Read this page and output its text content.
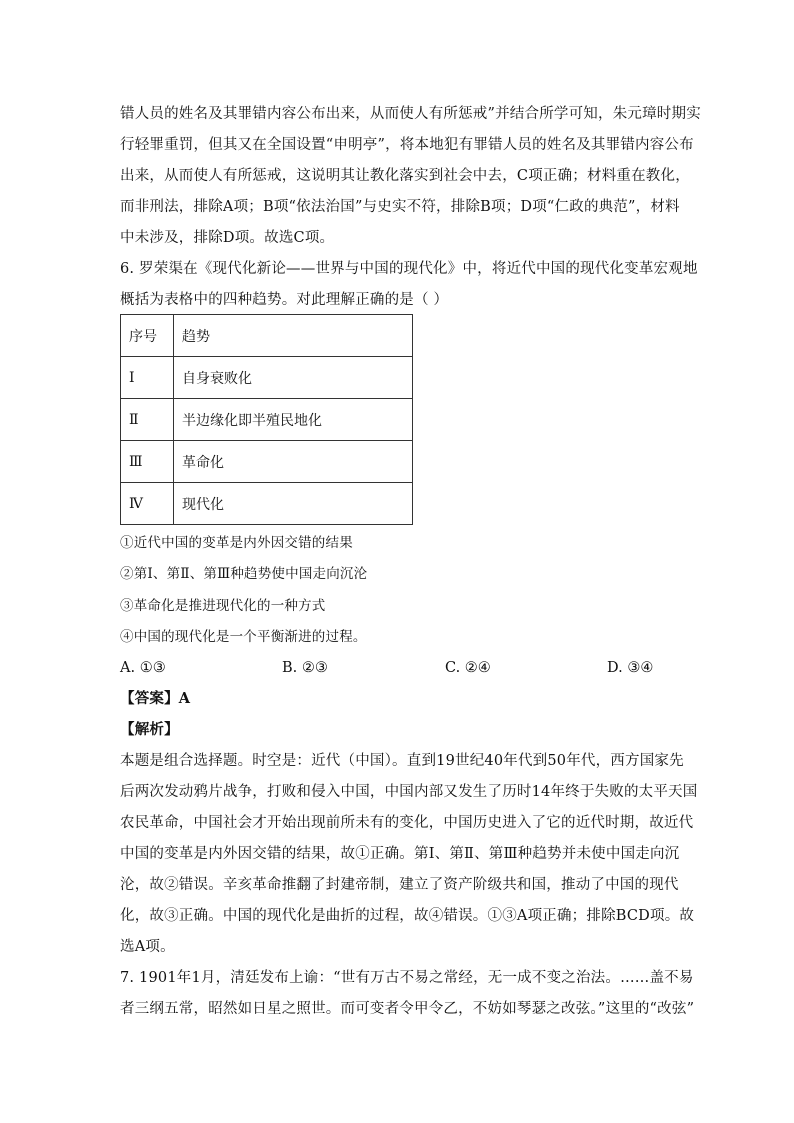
错人员的姓名及其罪错内容公布出来，从而使人有所惩戒”并结合所学可知，朱元璋时期实
行轻罪重罚，但其又在全国设置“申明亭”，将本地犯有罪错人员的姓名及其罪错内容公布
出来，从而使人有所惩戒，这说明其让教化落实到社会中去，C项正确；材料重在教化，
而非刑法，排除A项；B项“依法治国”与史实不符，排除B项；D项“仁政的典范”，材料
中未涉及，排除D项。故选C项。
6. 罗荣渠在《现代化新论——世界与中国的现代化》中，将近代中国的现代化变革宏观地
概括为表格中的四种趋势。对此理解正确的是（ ）
序号	趋势
Ⅰ	自身衰败化
Ⅱ	半边缘化即半殖民地化
Ⅲ	革命化
Ⅳ	现代化
①近代中国的变革是内外因交错的结果
②第Ⅰ、第Ⅱ、第Ⅲ种趋势使中国走向沉沦
③革命化是推进现代化的一种方式
④中国的现代化是一个平衡渐进的过程。
A. ①③	B. ②③	C. ②④	D. ③④
【答案】A
【解析】
本题是组合选择题。时空是：近代（中国）。直到19世纪40年代到50年代，西方国家先
后两次发动鸦片战争，打败和侵入中国，中国内部又发生了历时14年终于失败的太平天国
农民革命，中国社会才开始出现前所未有的变化，中国历史进入了它的近代时期，故近代
中国的变革是内外因交错的结果，故①正确。第Ⅰ、第Ⅱ、第Ⅲ种趋势并未使中国走向沉
沦，故②错误。辛亥革命推翻了封建帝制，建立了资产阶级共和国，推动了中国的现代
化，故③正确。中国的现代化是曲折的过程，故④错误。①③A项正确；排除BCD项。故
选A项。
7. 1901年1月，清廷发布上谕：“世有万古不易之常经，无一成不变之治法。……盖不易
者三纲五常，昭然如日星之照世。而可变者令甲令乙，不妨如琴瑟之改弦。”这里的“改弦”
